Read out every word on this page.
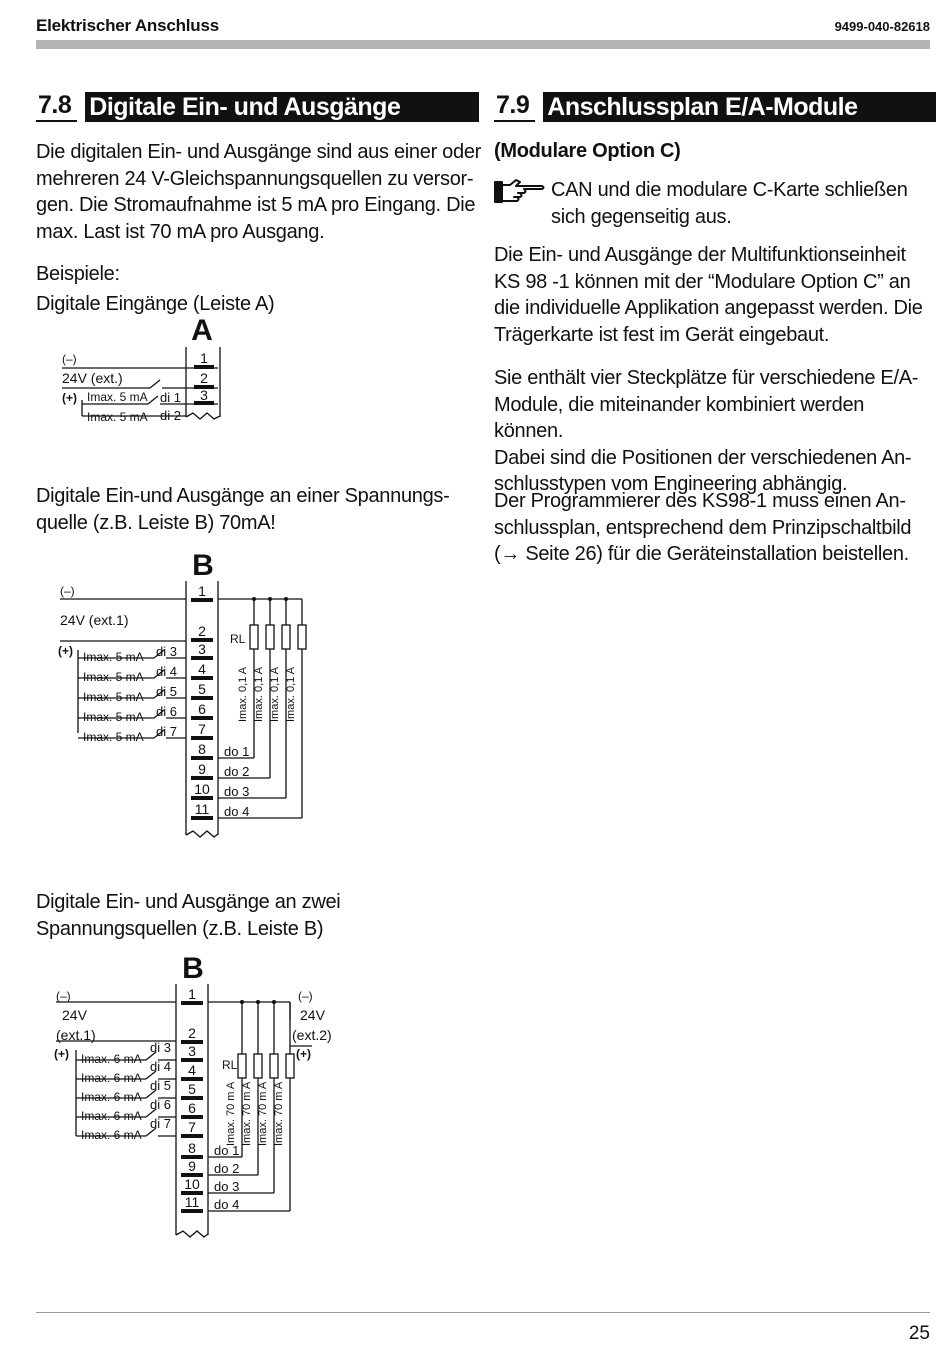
Elektrischer Anschluss	9499-040-82618
7.8 Digitale Ein- und Ausgänge

Die digitalen Ein- und Ausgänge sind aus einer oder

mehreren 24 V-Gleichspannungsquellen zu versor-

gen. Die Stromaufnahme ist 5 mA pro Eingang. Die

max. Last ist 70 mA pro Ausgang.

Beispiele:
Digitale Eingänge (Leiste A)
A
(–)
24V (ext.)
(+) Imax. 5 mA
Imax. 5 mA
di 1
di 2
1
2
3

Digitale Ein-und Ausgänge an einer Spannungs-

quelle (z.B. Leiste B) 70mA!

B
1
2
3
4
5
6
7
8
9
10
11
Imax. 5 mA di 3
Imax. 5 mA di 4
Imax. 5 mA di 5
Imax. 5 mA di 6
Imax. 5 mA di 7
do 1
Imax. 0,1 A
do 2
Imax. 0,1 A
do 3
Imax. 0,1 A
do 4
Imax. 0,1 A
(–)
24V (ext.1)
(+)
RL

Digitale Ein- und Ausgänge an zwei

Spannungsquellen (z.B. Leiste B)

B
1
2
3
4
5
6
7
8
9
10
11
Imax. 6 mA
di 3
Imax. 6 mA
di 4
Imax. 6 mA
di 5
Imax. 6 mA
di 6
Imax. 6 mA
di 7
do 1
Imax. 70 m A
do 2
Imax. 70 m A
do 3
Imax. 70 m A
do 4
Imax. 70 m A
(–)
24V
(ext.1)
(+)
(–)
24V
(ext.2)
(+)
RL
7.9 Anschlussplan E/A-Module
(Modulare Option C)

CAN und die modulare C-Karte schließen

sich gegenseitig aus.

Die Ein- und Ausgänge der Multifunktionseinheit

KS 98 -1 können mit der “Modulare Option C” an

die individuelle Applikation angepasst werden. Die

Trägerkarte ist fest im Gerät eingebaut.

Sie enthält vier Steckplätze für verschiedene E/A-

Module, die miteinander kombiniert werden können.

Dabei sind die Positionen der verschiedenen An-

schlusstypen vom Engineering abhängig.

Der Programmierer des KS98-1 muss einen An-

schlussplan, entsprechend dem Prinzipschaltbild

(→ Seite 26) für die Geräteinstallation beistellen.

25
